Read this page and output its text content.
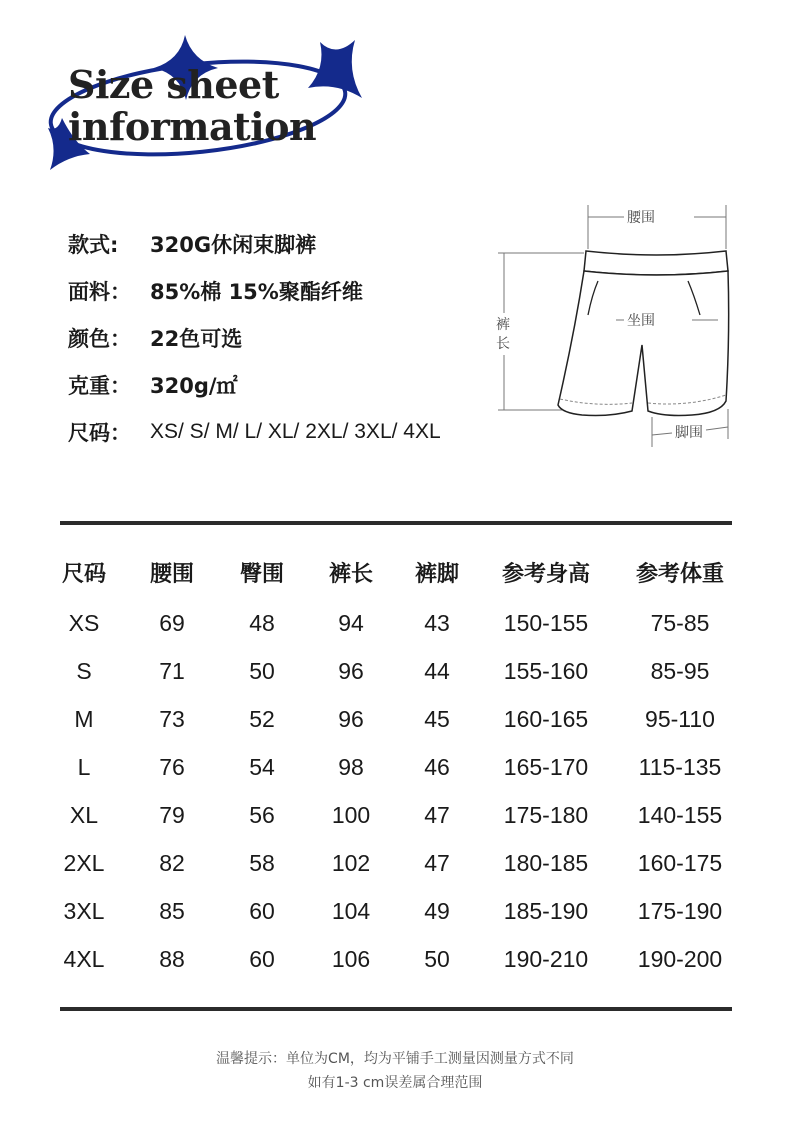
Size sheet
information
款式:	320G休闲束脚裤
面料： 85%棉 15%聚酯纤维
颜色： 22色可选
克重： 320g/㎡
尺码： XS/ S/ M/ L/ XL/ 2XL/ 3XL/ 4XL
腰围
裤
长
坐围
脚围
尺码	腰围	臀围	裤长	裤脚	参考身高	参考体重
XS	69	48	94	43	150-155	75-85
S	71	50	96	44	155-160	85-95
M	73	52	96	45	160-165	95-110
L	76	54	98	46	165-170	115-135
XL	79	56	100	47	175-180	140-155
2XL	82	58	102	47	180-185	160-175
3XL	85	60	104	49	185-190	175-190
4XL	88	60	106	50	190-210	190-200
温馨提示：单位为CM，均为平铺手工测量因测量方式不同
如有1-3 cm误差属合理范围
